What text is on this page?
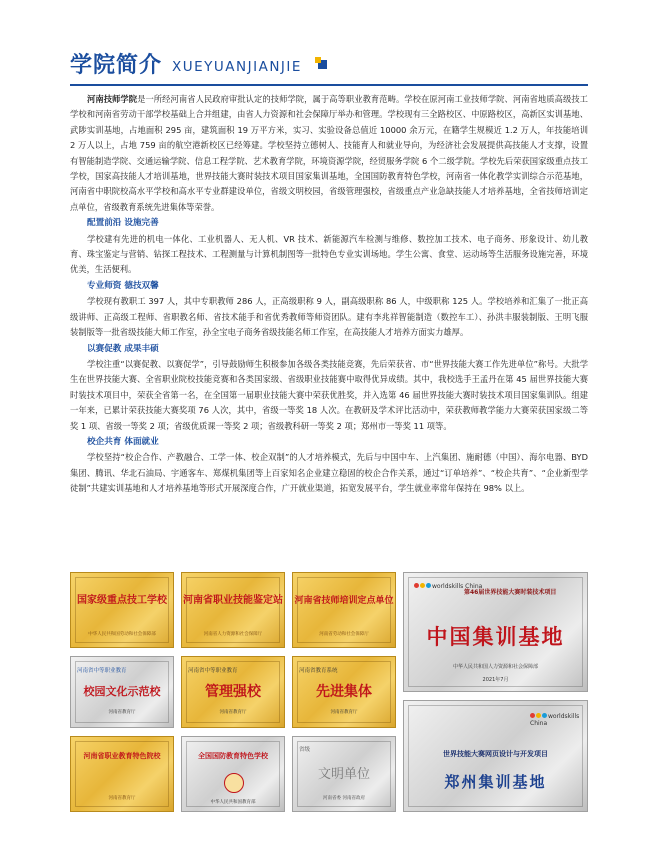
学院简介 XUEYUANJIANJIE

河南技师学院是一所经河南省人民政府审批认定的技师学院，属于高等职业教育范畴。学校在原河南工业技师学院、河南省地质高级技工学校和河南省劳动干部学校基础上合并组建，由省人力资源和社会保障厅举办和管理。学校现有三全路校区、中原路校区，高新区实训基地、武陟实训基地，占地面积 295 亩，建筑面积 19 万平方米，实习、实验设备总值近 10000 余万元，在籍学生规模近 1.2 万人，年技能培训 2 万人以上，占地 759 亩的航空港新校区已经筹建。学校坚持立德树人、技能育人和就业导向，为经济社会发展提供高技能人才支撑，设置有智能制造学院、交通运输学院、信息工程学院、艺术教育学院，环境资源学院，经贸服务学院 6 个二级学院。学校先后荣获国家级重点技工学校，国家高技能人才培训基地，世界技能大赛时装技术项目国家集训基地，全国国防教育特色学校，河南省一体化教学实训综合示范基地，河南省中职院校高水平学校和高水平专业群建设单位，省级文明校园，省级管理强校，省级重点产业急缺技能人才培养基地，全省技师培训定点单位，省级教育系统先进集体等荣誉。

配置前沿 设施完善

学校建有先进的机电一体化、工业机器人、无人机、VR 技术、新能源汽车检测与维修、数控加工技术、电子商务、形象设计、幼儿教育、珠宝鉴定与营销、钻探工程技术、工程测量与计算机制图等一批特色专业实训场地。学生公寓、食堂、运动场等生活服务设施完善，环境优美，生活便利。

专业师资 德技双馨

学校现有教职工 397 人，其中专职教师 286 人，正高级职称 9 人，副高级职称 86 人，中级职称 125 人。学校培养和汇集了一批正高级讲师、正高级工程师、省职教名师、省技术能手和省优秀教师等师资团队。建有李兆祥智能制造（数控车工）、孙洪丰服装制版、王明飞服装制版等一批省级技能大师工作室，孙全宝电子商务省级技能名师工作室，在高技能人才培养方面实力雄厚。

以赛促教 成果丰硕

学校注重“以赛促教、以赛促学”，引导鼓励师生积极参加各级各类技能竞赛，先后荣获省、市“世界技能大赛工作先进单位”称号。大批学生在世界技能大赛、全省职业院校技能竞赛和各类国家级、省级职业技能赛中取得优异成绩。其中，我校选手王孟丹在第 45 届世界技能大赛时装技术项目中，荣获全省第一名，在全国第一届职业技能大赛中荣获优胜奖，并入选第 46 届世界技能大赛时装技术项目国家集训队。组建一年来，已累计荣获技能大赛奖项 76 人次，其中，省级一等奖 18 人次。在教研及学术评比活动中，荣获教师教学能力大赛荣获国家级二等奖 1 项、省级一等奖 2 项；省级优质课一等奖 2 项；省级教科研一等奖 2 项；郑州市一等奖 11 项等。

校企共育 体面就业

学校坚持“校企合作、产教融合、工学一体、校企双制”的人才培养模式，先后与中国中车、上汽集团、施耐德（中国）、海尔电器、BYD 集团、腾讯、华北石油局、宇通客车、郑煤机集团等上百家知名企业建立稳固的校企合作关系，通过“订单培养”、“校企共育”、“企业新型学徒制”共建实训基地和人才培养基地等形式开展深度合作，广开就业渠道，拓宽发展平台，学生就业率常年保持在 98% 以上。

国家级重点技工学校
中华人民共和国劳动和社会保障部
河南省职业技能鉴定站
河南省人力资源和社会保障厅
河南省技师培训定点单位
河南省劳动和社会保障厅
worldskills China
第46届世界技能大赛时装技术项目
中国集训基地
中华人民共和国人力资源和社会保障部
2021年7月
河南省中等职业教育
校园文化示范校
河南省教育厅
河南省中等职业教育
管理强校
河南省教育厅
河南省教育系统
先进集体
河南省教育厅
河南省职业教育特色院校
河南省教育厅
全国国防教育特色学校
中华人民共和国教育部
省级
文明单位
河南省委 河南省政府
worldskills China
世界技能大赛网页设计与开发项目
郑州集训基地
